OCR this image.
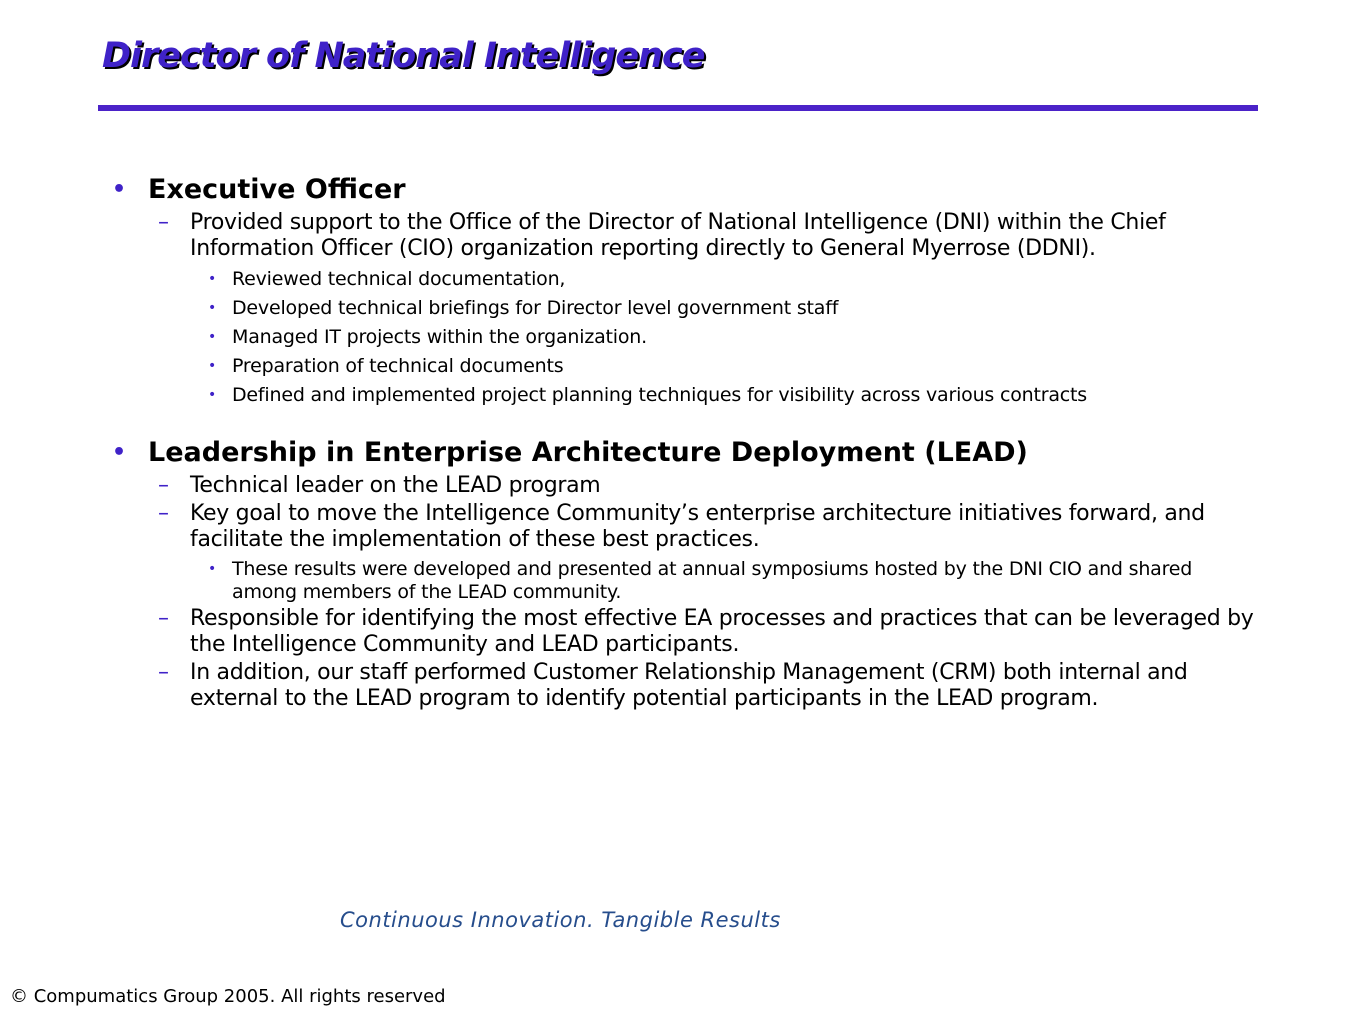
Director of National Intelligence
• Executive Officer
– Provided support to the Office of the Director of National Intelligence (DNI) within the Chief Information Officer (CIO) organization reporting directly to General Myerrose (DDNI).
• Reviewed technical documentation,
• Developed technical briefings for Director level government staff
• Managed IT projects within the organization.
• Preparation of technical documents
• Defined and implemented project planning techniques for visibility across various contracts
• Leadership in Enterprise Architecture Deployment (LEAD)
– Technical leader on the LEAD program
– Key goal to move the Intelligence Community’s enterprise architecture initiatives forward, and facilitate the implementation of these best practices.
• These results were developed and presented at annual symposiums hosted by the DNI CIO and shared among members of the LEAD community.
– Responsible for identifying the most effective EA processes and practices that can be leveraged by the Intelligence Community and LEAD participants.
– In addition, our staff performed Customer Relationship Management (CRM) both internal and external to the LEAD program to identify potential participants in the LEAD program.
Continuous Innovation. Tangible Results
© Compumatics Group 2005. All rights reserved
